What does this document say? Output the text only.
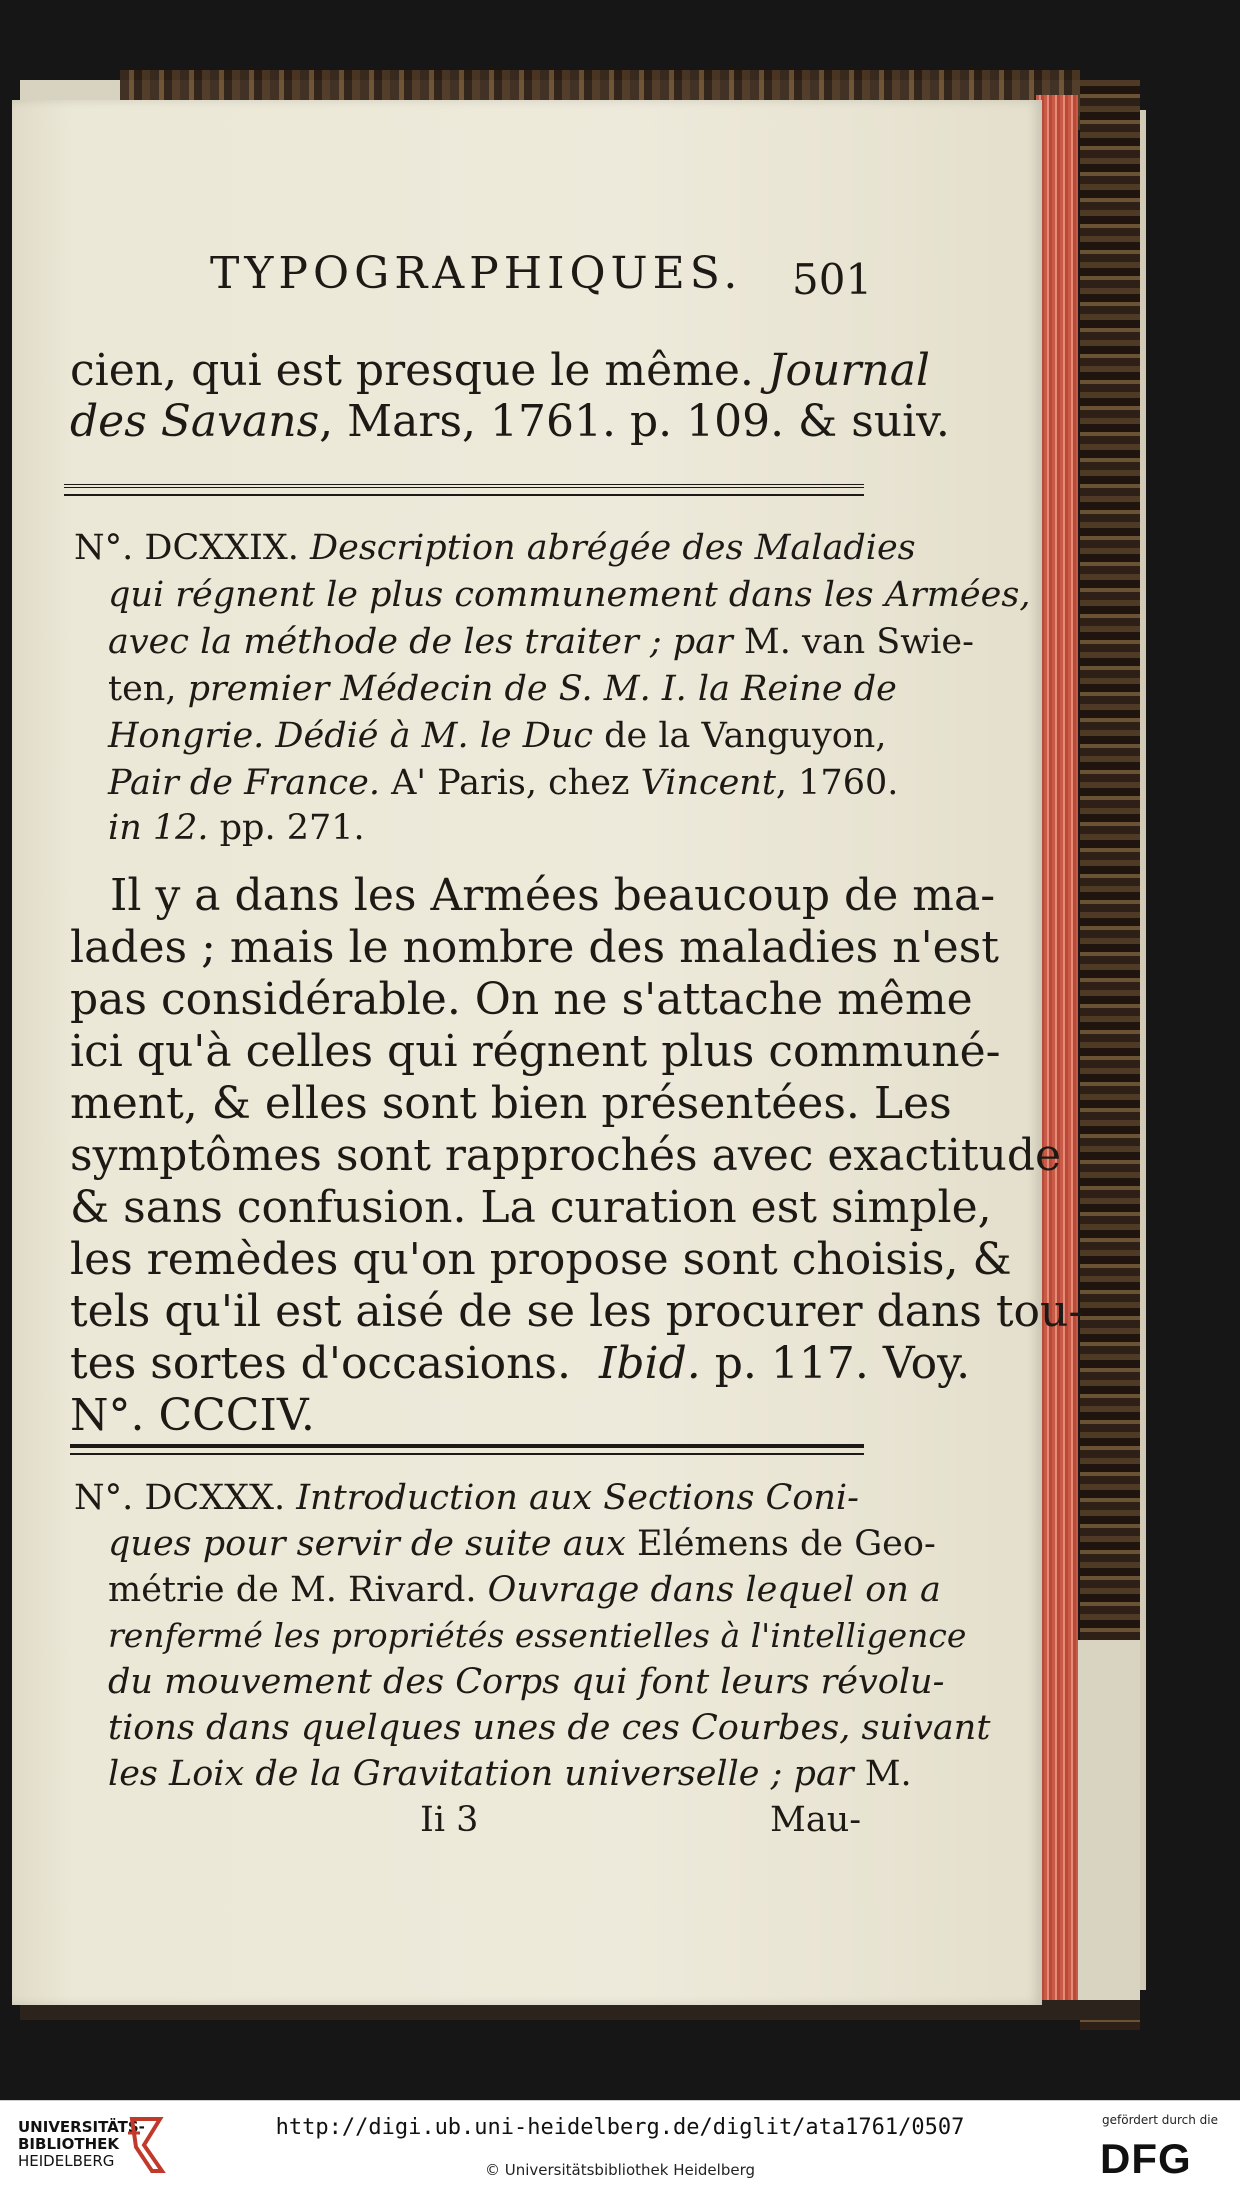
TYPOGRAPHIQUES. 501
cien, qui est presque le même. Journal
des Savans, Mars, 1761. p. 109. & suiv.
N°. DCXXIX. Description abrégée des Maladies
qui régnent le plus communement dans les Armées,
avec la méthode de les traiter ; par M. van Swie-
ten, premier Médecin de S. M. I. la Reine de
Hongrie. Dédié à M. le Duc de la Vanguyon,
Pair de France. A' Paris, chez Vincent, 1760.
in 12. pp. 271.
Il y a dans les Armées beaucoup de ma-
lades ; mais le nombre des maladies n'est
pas considérable. On ne s'attache même
ici qu'à celles qui régnent plus communé-
ment, & elles sont bien présentées. Les
symptômes sont rapprochés avec exactitude
& sans confusion. La curation est simple,
les remèdes qu'on propose sont choisis, &
tels qu'il est aisé de se les procurer dans tou-
tes sortes d'occasions. Ibid. p. 117. Voy.
N°. CCCIV.
N°. DCXXX. Introduction aux Sections Coni-
ques pour servir de suite aux Elémens de Geo-
métrie de M. Rivard. Ouvrage dans lequel on a
renfermé les propriétés essentielles à l'intelligence
du mouvement des Corps qui font leurs révolu-
tions dans quelques unes de ces Courbes, suivant
les Loix de la Gravitation universelle ; par M.
Ii 3	Mau-
UNIVERSITÄTS-
BIBLIOTHEK
HEIDELBERG
http://digi.ub.uni-heidelberg.de/diglit/ata1761/0507
© Universitätsbibliothek Heidelberg
gefördert durch die
DFG
